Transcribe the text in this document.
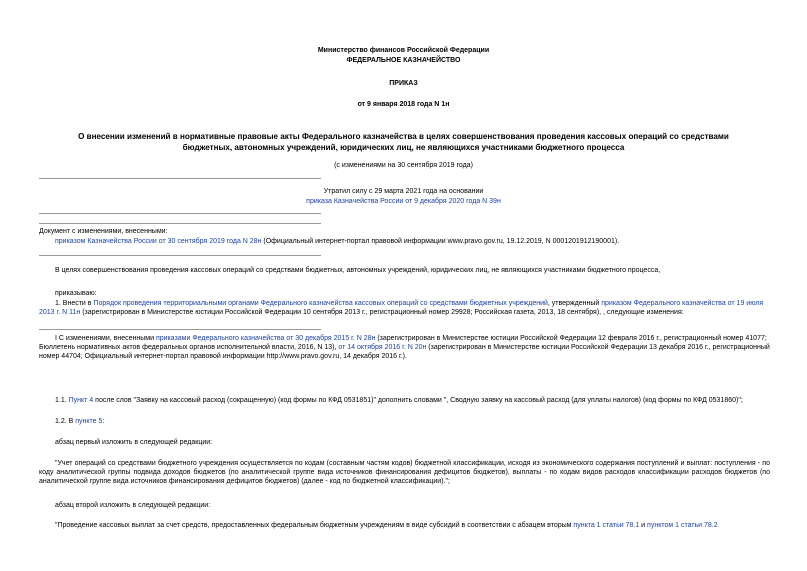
Министерство финансов Российской Федерации
ФЕДЕРАЛЬНОЕ КАЗНАЧЕЙСТВО
ПРИКАЗ
от 9 января 2018 года N 1н
О внесении изменений в нормативные правовые акты Федерального казначейства в целях совершенствования проведения кассовых операций со средствами
бюджетных, автономных учреждений, юридических лиц, не являющихся участниками бюджетного процесса
(с изменениями на 30 сентября 2019 года)
Утратил силу с 29 марта 2021 года на основании
приказа Казначейства России от 9 декабря 2020 года N 39н
Документ с изменениями, внесенными:
приказом Казначейства России от 30 сентября 2019 года N 28н (Официальный интернет-портал правовой информации www.pravo.gov.ru, 19.12.2019, N 0001201912190001).
В целях совершенствования проведения кассовых операций со средствами бюджетных, автономных учреждений, юридических лиц, не являющихся участниками бюджетного процесса,
приказываю:
1. Внести в Порядок проведения территориальными органами Федерального казначейства кассовых операций со средствами бюджетных учреждений, утвержденный приказом Федерального казначейства от 19 июля 2013 г. N 11н (зарегистрирован в Министерстве юстиции Российской Федерации 10 сентября 2013 г., регистрационный номер 29928; Российская газета, 2013, 18 сентября), , следующие изменения:
I С изменениями, внесенными приказами Федерального казначейства от 30 декабря 2015 г. N 28н (зарегистрирован в Министерстве юстиции Российской Федерации 12 февраля 2016 г., регистрационный номер 41077; Бюллетень нормативных актов федеральных органов исполнительной власти, 2016, N 13), от 14 октября 2016 г. N 20н (зарегистрирован в Министерстве юстиции Российской Федерации 13 декабря 2016 г., регистрационный номер 44704; Официальный интернет-портал правовой информации http://www.pravo.gov.ru, 14 декабря 2016 г.).
1.1. Пункт 4 после слов "Заявку на кассовый расход (сокращенную) (код формы по КФД 0531851)" дополнить словами ", Сводную заявку на кассовый расход (для уплаты налогов) (код формы по КФД 0531860)";
1.2. В пункте 5:
абзац первый изложить в следующей редакции:
"Учет операций со средствами бюджетного учреждения осуществляется по кодам (составным частям кодов) бюджетной классификации, исходя из экономического содержания поступлений и выплат: поступления - по коду аналитической группы подвида доходов бюджетов (по аналитической группе вида источников финансирования дефицитов бюджетов), выплаты - по кодам видов расходов классификации расходов бюджетов (по аналитической группе вида источников финансирования дефицитов бюджетов) (далее - код по бюджетной классификации).";
абзац второй изложить в следующей редакции:
"Проведение кассовых выплат за счет средств, предоставленных федеральным бюджетным учреждениям в виде субсидий в соответствии с абзацем вторым пункта 1 статьи 78.1 и пунктом 1 статьи 78.2
